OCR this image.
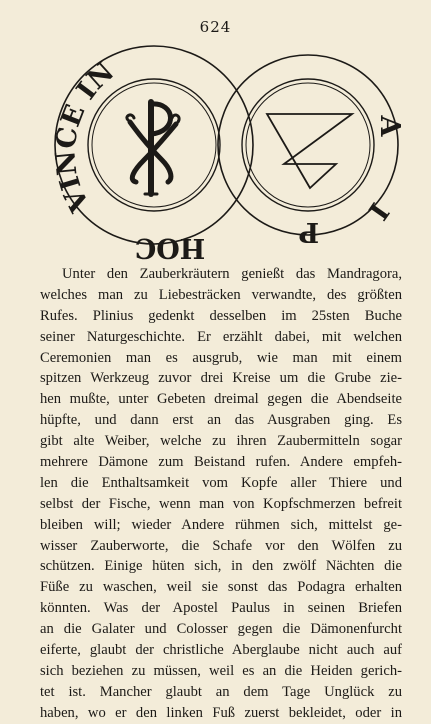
624
VINCE IN
HOC
A
I
P
Unter den Zauberkräutern genießt das Mandragora,
welches man zu Liebesträcken verwandte, des größten
Rufes. Plinius gedenkt desselben im 25sten Buche
seiner Naturgeschichte. Er erzählt dabei, mit welchen
Ceremonien man es ausgrub, wie man mit einem
spitzen Werkzeug zuvor drei Kreise um die Grube zie-
hen mußte, unter Gebeten dreimal gegen die Abendseite
hüpfte, und dann erst an das Ausgraben ging. Es
gibt alte Weiber, welche zu ihren Zaubermitteln sogar
mehrere Dämone zum Beistand rufen. Andere empfeh-
len die Enthaltsamkeit vom Kopfe aller Thiere und
selbst der Fische, wenn man von Kopfschmerzen befreit
bleiben will; wieder Andere rühmen sich, mittelst ge-
wisser Zauberworte, die Schafe vor den Wölfen zu
schützen. Einige hüten sich, in den zwölf Nächten die
Füße zu waschen, weil sie sonst das Podagra erhalten
könnten. Was der Apostel Paulus in seinen Briefen
an die Galater und Colosser gegen die Dämonenfurcht
eiferte, glaubt der christliche Aberglaube nicht auch auf
sich beziehen zu müssen, weil es an die Heiden gerich-
tet ist. Mancher glaubt an dem Tage Unglück zu
haben, wo er den linken Fuß zuerst bekleidet, oder in
